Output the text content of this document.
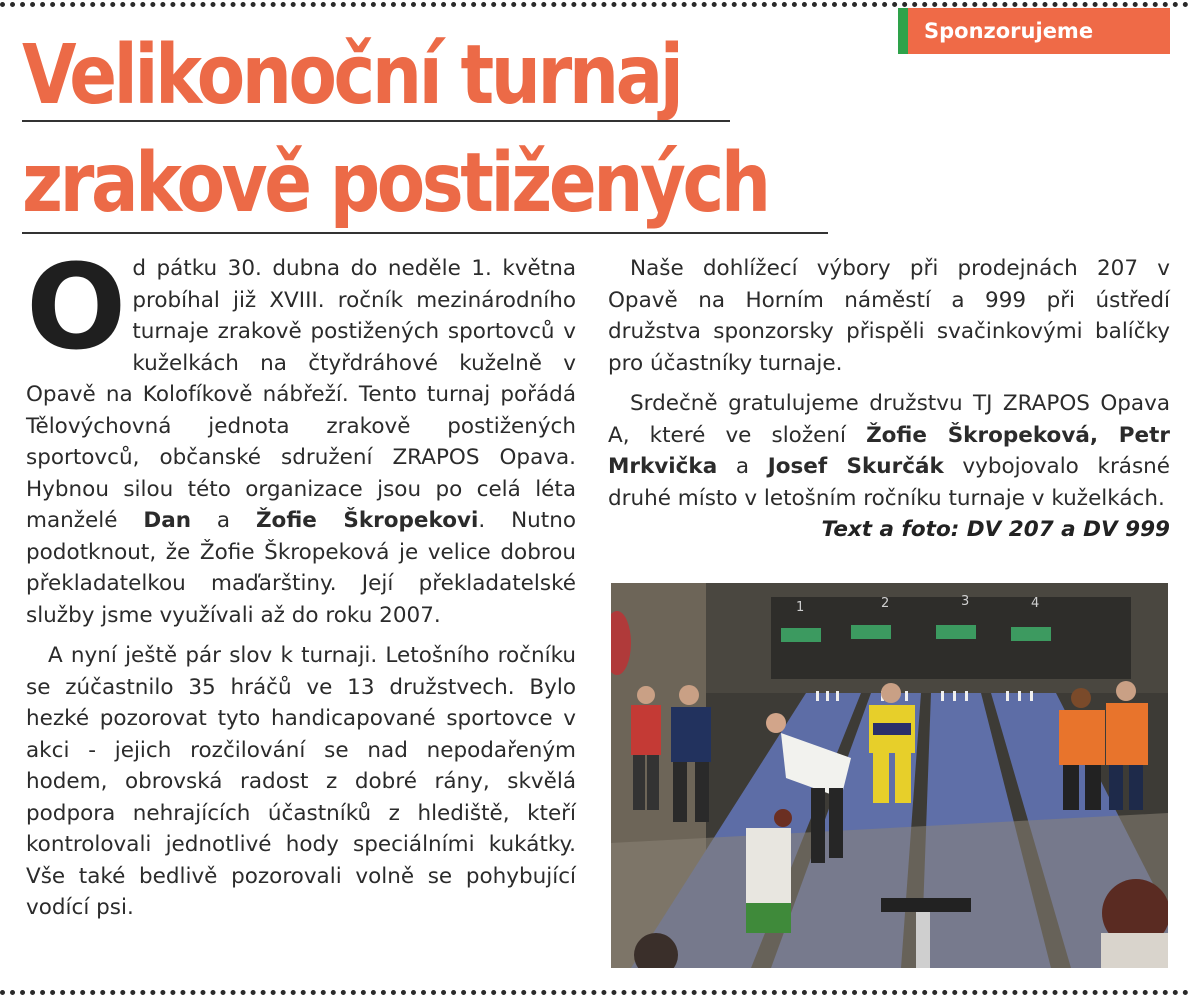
Sponzorujeme
Velikonoční turnaj
zrakově postižených

Od pátku 30. dubna do neděle 1. května probíhal již XVIII. ročník mezinárodního turnaje zrakově postižených sportovců v kuželkách na čtyřdráhové kuželně v Opavě na Kolofíkově nábřeží. Tento turnaj pořádá Tělovýchovná jednota zrakově postižených sportovců, občanské sdružení ZRAPOS Opava. Hybnou silou této organizace jsou po celá léta manželé Dan a Žofie Škropekovi. Nutno podotknout, že Žofie Škropeková je velice dobrou překladatelkou maďarštiny. Její překladatelské služby jsme využívali až do roku 2007.

A nyní ještě pár slov k turnaji. Letošního ročníku se zúčastnilo 35 hráčů ve 13 družstvech. Bylo hezké pozorovat tyto handicapované sportovce v akci - jejich rozčilování se nad nepodařeným hodem, obrovská radost z dobré rány, skvělá podpora nehrajících účastníků z hlediště, kteří kontrolovali jednotlivé hody speciálními kukátky. Vše také bedlivě pozorovali volně se pohybující vodící psi.

Naše dohlížecí výbory při prodejnách 207 v Opavě na Horním náměstí a 999 při ústředí družstva sponzorsky přispěli svačinkovými balíčky pro účastníky turnaje.

Srdečně gratulujeme družstvu TJ ZRAPOS Opava A, které ve složení Žofie Škropeková, Petr Mrkvička a Josef Skurčák vybojovalo krásné druhé místo v letošním ročníku turnaje v kuželkách.
Text a foto: DV 207 a DV 999

1	2	3	4
